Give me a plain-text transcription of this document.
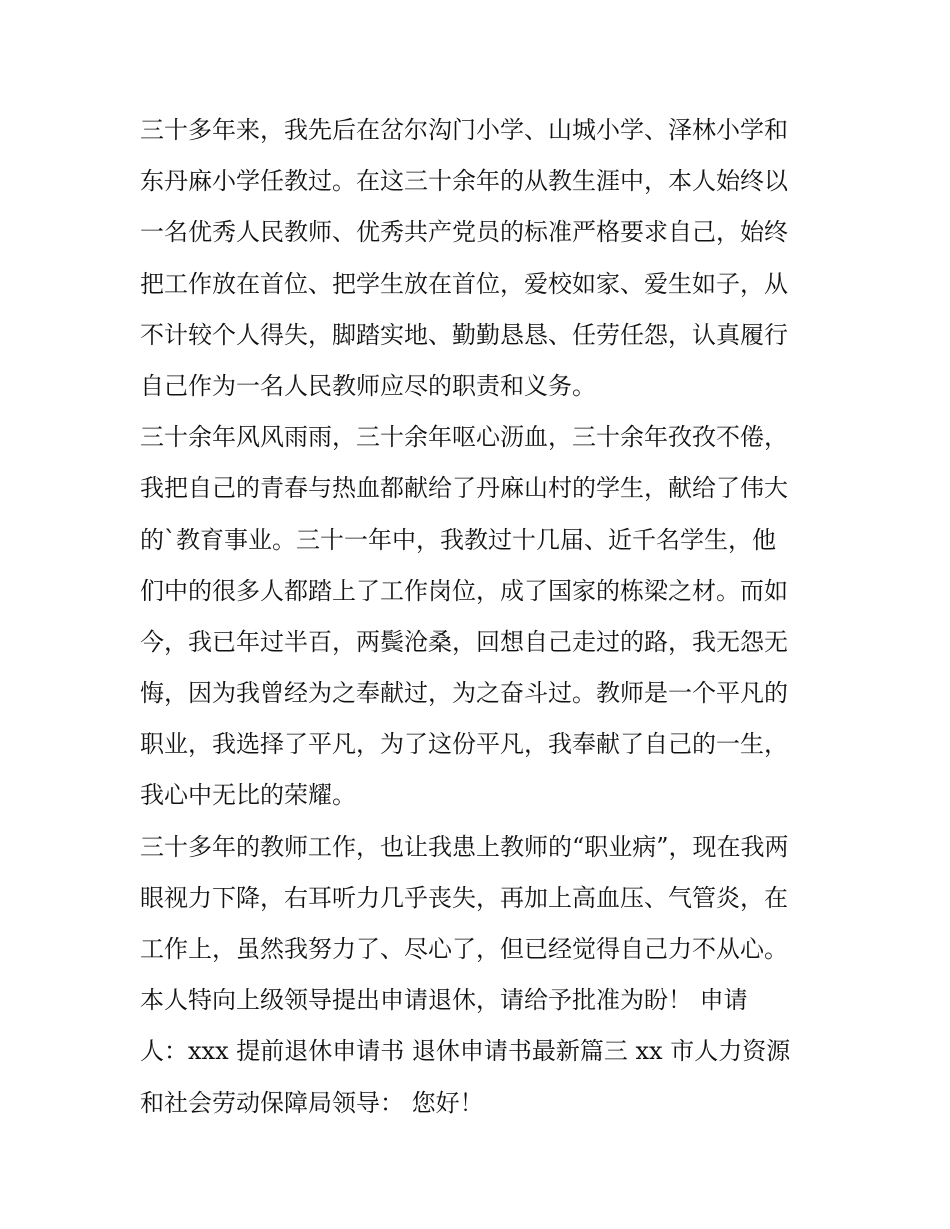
三十多年来，我先后在岔尔沟门小学、山城小学、泽林小学和
东丹麻小学任教过。在这三十余年的从教生涯中，本人始终以
一名优秀人民教师、优秀共产党员的标准严格要求自己，始终
把工作放在首位、把学生放在首位，爱校如家、爱生如子，从
不计较个人得失，脚踏实地、勤勤恳恳、任劳任怨，认真履行
自己作为一名人民教师应尽的职责和义务。
三十余年风风雨雨，三十余年呕心沥血，三十余年孜孜不倦，
我把自己的青春与热血都献给了丹麻山村的学生，献给了伟大
的`教育事业。三十一年中，我教过十几届、近千名学生，他
们中的很多人都踏上了工作岗位，成了国家的栋梁之材。而如
今，我已年过半百，两鬓沧桑，回想自己走过的路，我无怨无
悔，因为我曾经为之奉献过，为之奋斗过。教师是一个平凡的
职业，我选择了平凡，为了这份平凡，我奉献了自己的一生，
我心中无比的荣耀。
三十多年的教师工作，也让我患上教师的“职业病”，现在我两
眼视力下降，右耳听力几乎丧失，再加上高血压、气管炎，在
工作上，虽然我努力了、尽心了，但已经觉得自己力不从心。
本人特向上级领导提出申请退休，请给予批准为盼！ 申请
人：xxx 提前退休申请书 退休申请书最新篇三 xx 市人力资源
和社会劳动保障局领导： 您好！
